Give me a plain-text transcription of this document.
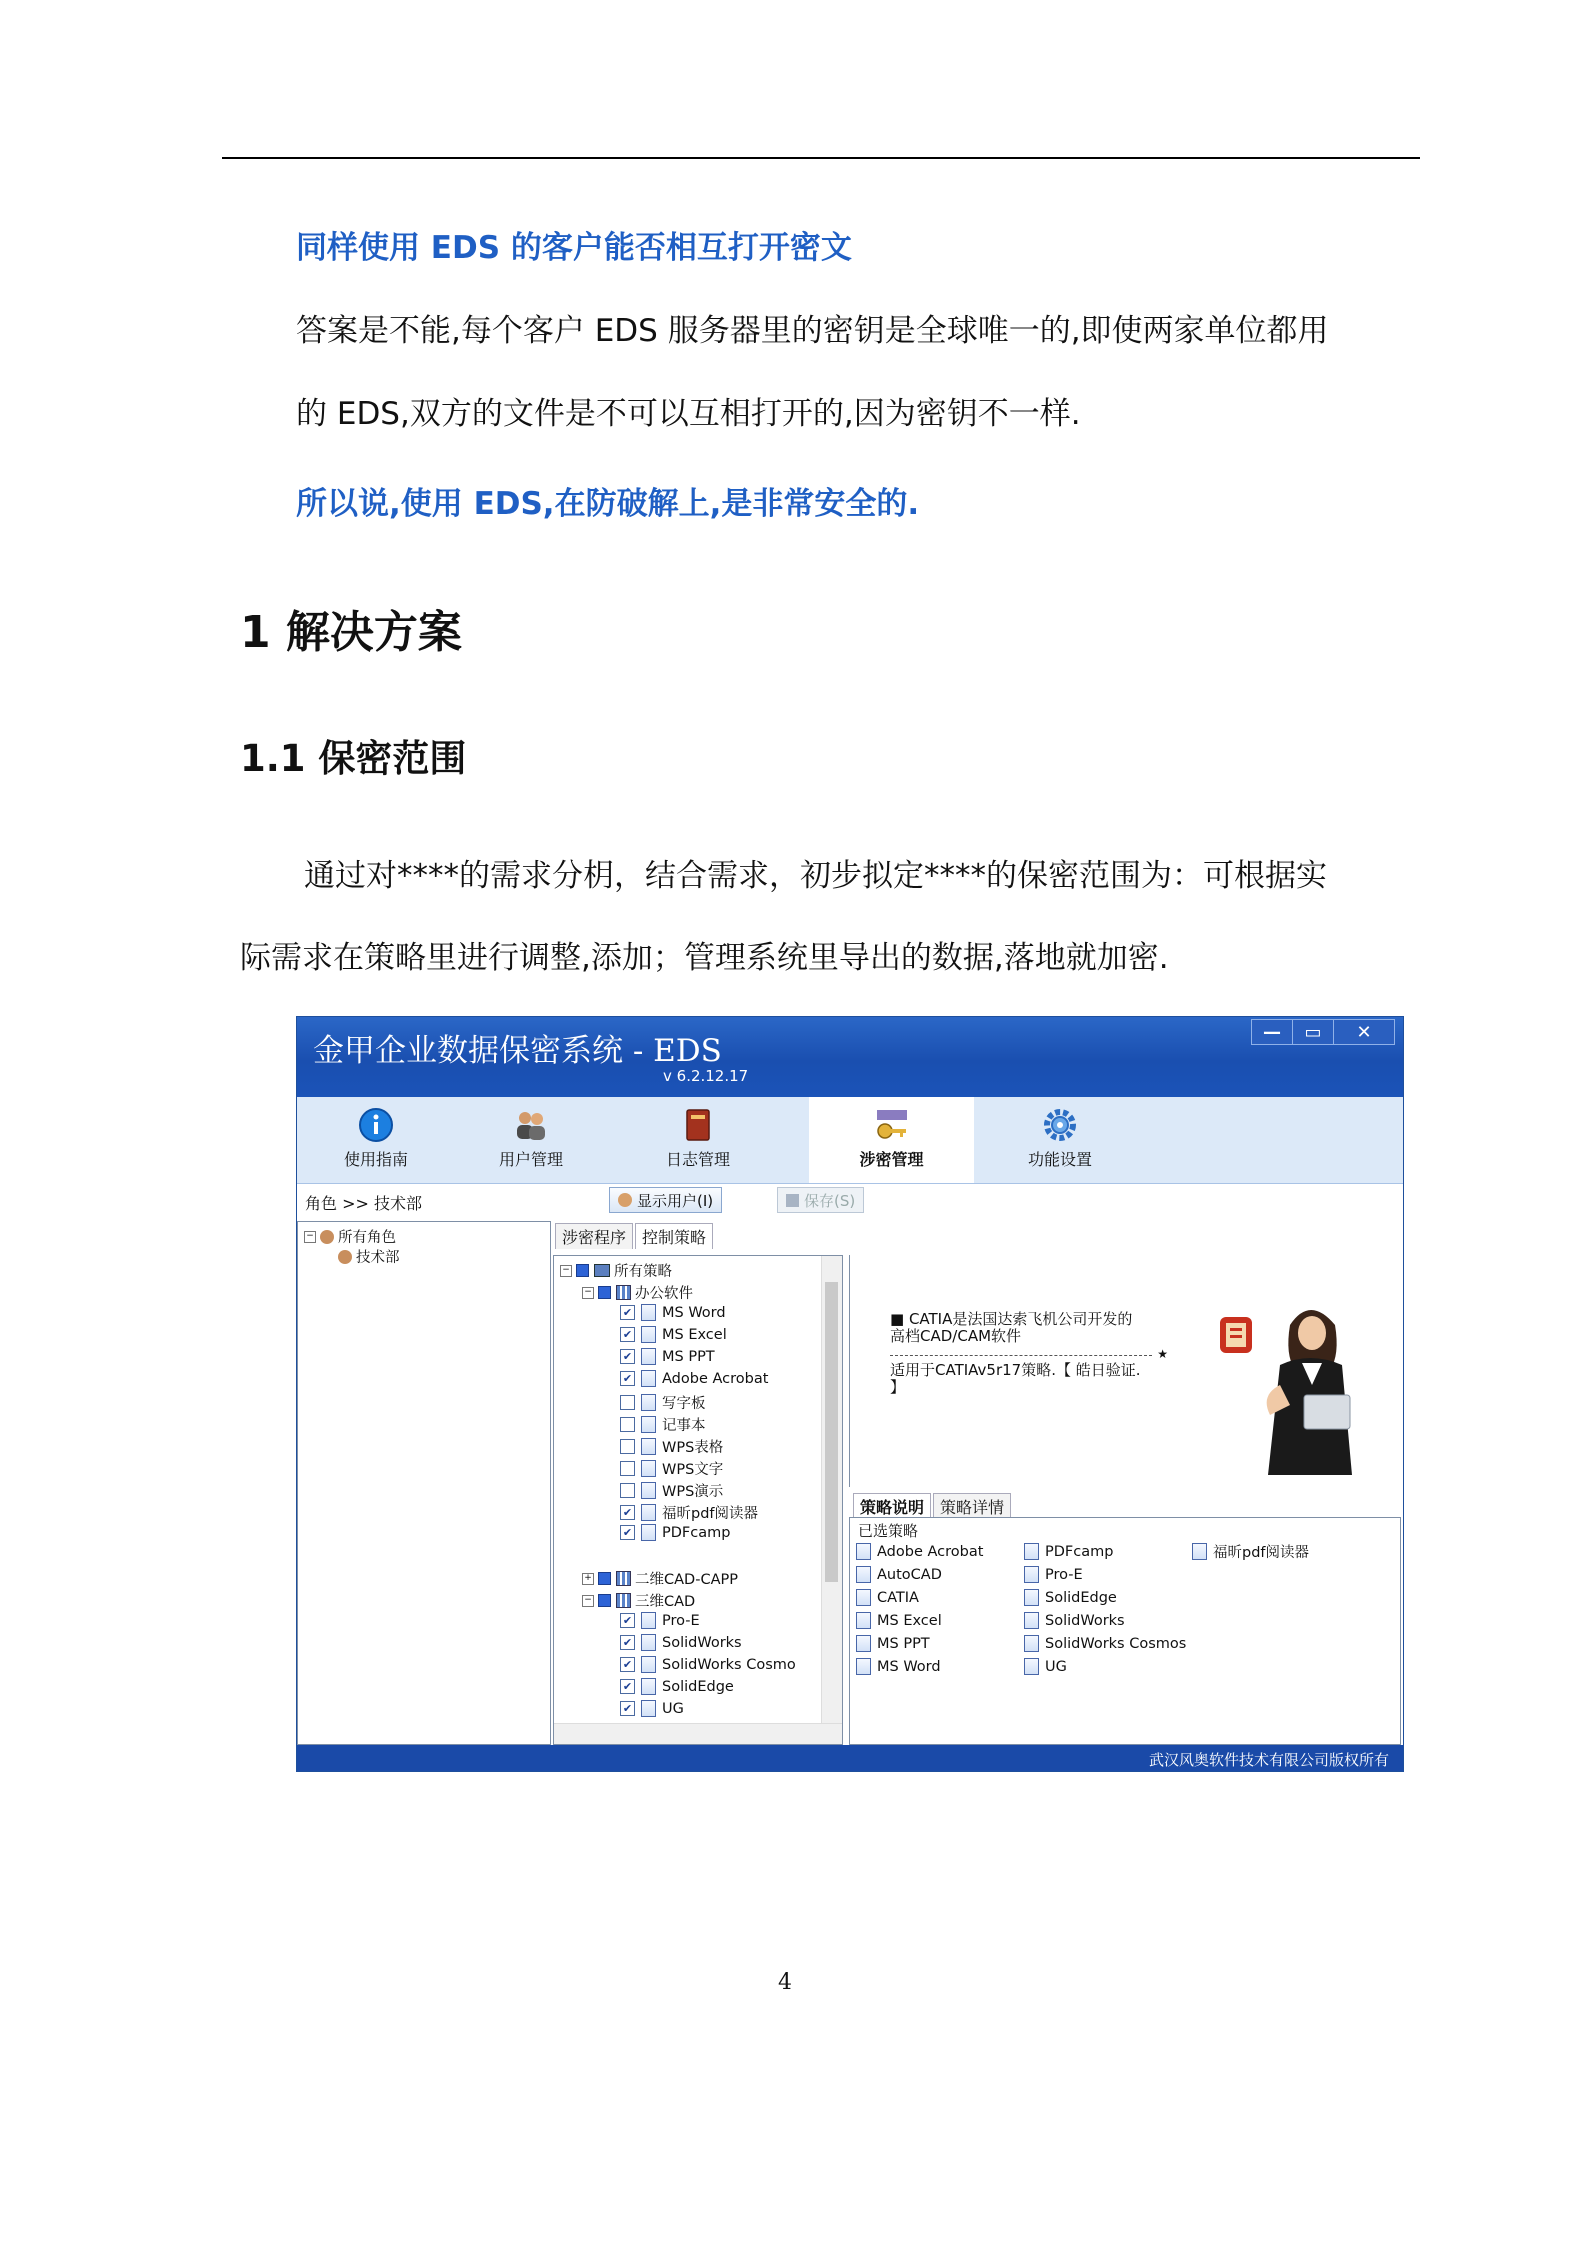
同样使用 EDS 的客户能否相互打开密文
答案是不能,每个客户 EDS 服务器里的密钥是全球唯一的,即使两家单位都用
的 EDS,双方的文件是不可以互相打开的,因为密钥不一样.
所以说,使用 EDS,在防破解上,是非常安全的.
1 解决方案
1.1 保密范围
通过对****的需求分枂，结合需求，初步拟定****的保密范围为：可根据实
际需求在策略里进行调整,添加；管理系统里导出的数据,落地就加密.
金甲企业数据保密系统 - EDS
v 6.2.12.17
—	▭	✕
使用指南	用户管理	日志管理	涉密管理	功能设置
角色 >> 技术部	显示用户(I)	保存(S)
− 所有角色
技术部
涉密程序	控制策略
−	所有策略
−	办公软件
✔ MS Word
✔ MS Excel
✔ MS PPT
✔ Adobe Acrobat
写字板
记事本
WPS表格
WPS文字
WPS演示
✔ 福昕pdf阅读器
✔ PDFcamp
+	二维CAD-CAPP
−	三维CAD
✔ Pro-E
✔ SolidWorks
✔ SolidWorks Cosmo
✔ SolidEdge
✔ UG
■ CATIA是法国达索飞机公司开发的
高档CAD/CAM软件
★
适用于CATIAv5r17策略.【 皓日验证.
】
策略说明	策略详情
已选策略
Adobe Acrobat
AutoCAD
CATIA
MS Excel
MS PPT
MS Word
PDFcamp
Pro-E
SolidEdge
SolidWorks
SolidWorks Cosmos
UG
福昕pdf阅读器
武汉风奥软件技术有限公司版权所有
4
